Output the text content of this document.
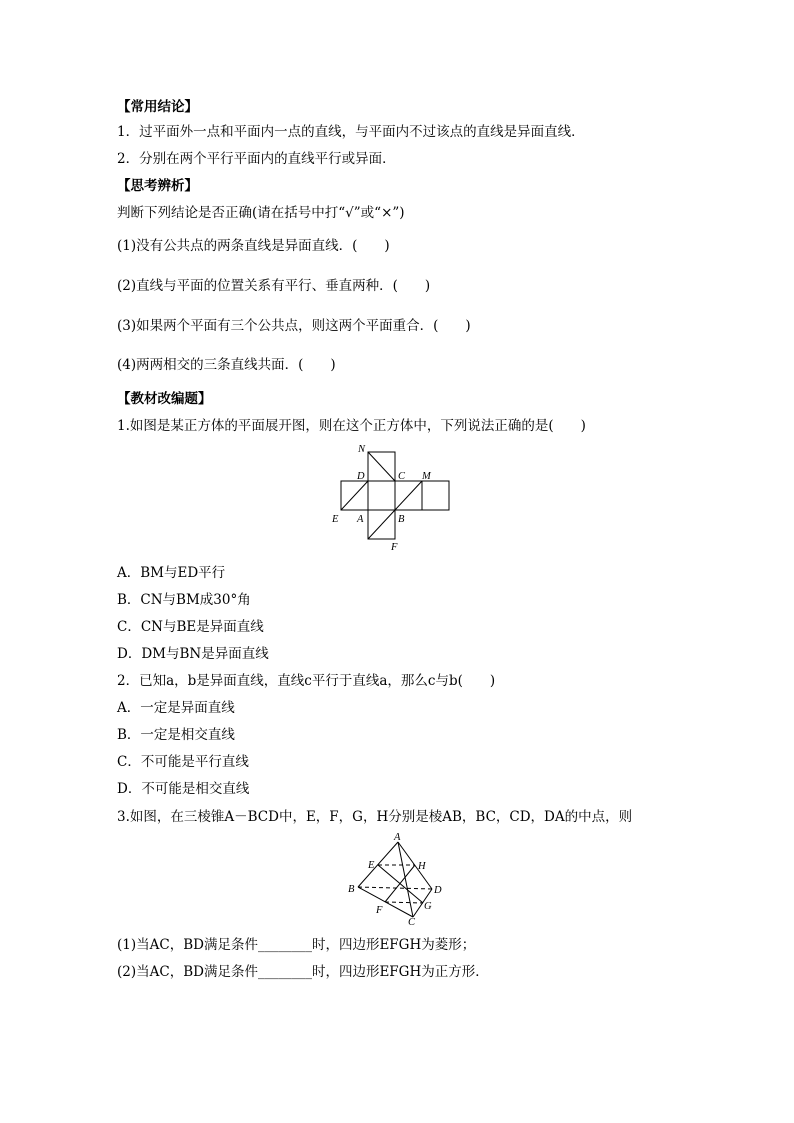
【常用结论】
1．过平面外一点和平面内一点的直线，与平面内不过该点的直线是异面直线．
2．分别在两个平行平面内的直线平行或异面．
【思考辨析】
判断下列结论是否正确(请在括号中打“√”或“×”)
(1)没有公共点的两条直线是异面直线．(　　)
(2)直线与平面的位置关系有平行、垂直两种．(　　)
(3)如果两个平面有三个公共点，则这两个平面重合．(　　)
(4)两两相交的三条直线共面．(　　)
【教材改编题】
1.如图是某正方体的平面展开图，则在这个正方体中，下列说法正确的是(　　)
N
D	C M
E A	B
F
A．BM与ED平行
B．CN与BM成30°角
C．CN与BE是异面直线
D．DM与BN是异面直线
2．已知a，b是异面直线，直线c平行于直线a，那么c与b(　　)
A．一定是异面直线
B．一定是相交直线
C．不可能是平行直线
D．不可能是相交直线
3.如图，在三棱锥A－BCD中，E，F，G，H分别是棱AB，BC，CD，DA的中点，则
A
B
C
D
E
F	G
H
(1)当AC，BD满足条件________时，四边形EFGH为菱形；
(2)当AC，BD满足条件________时，四边形EFGH为正方形．
